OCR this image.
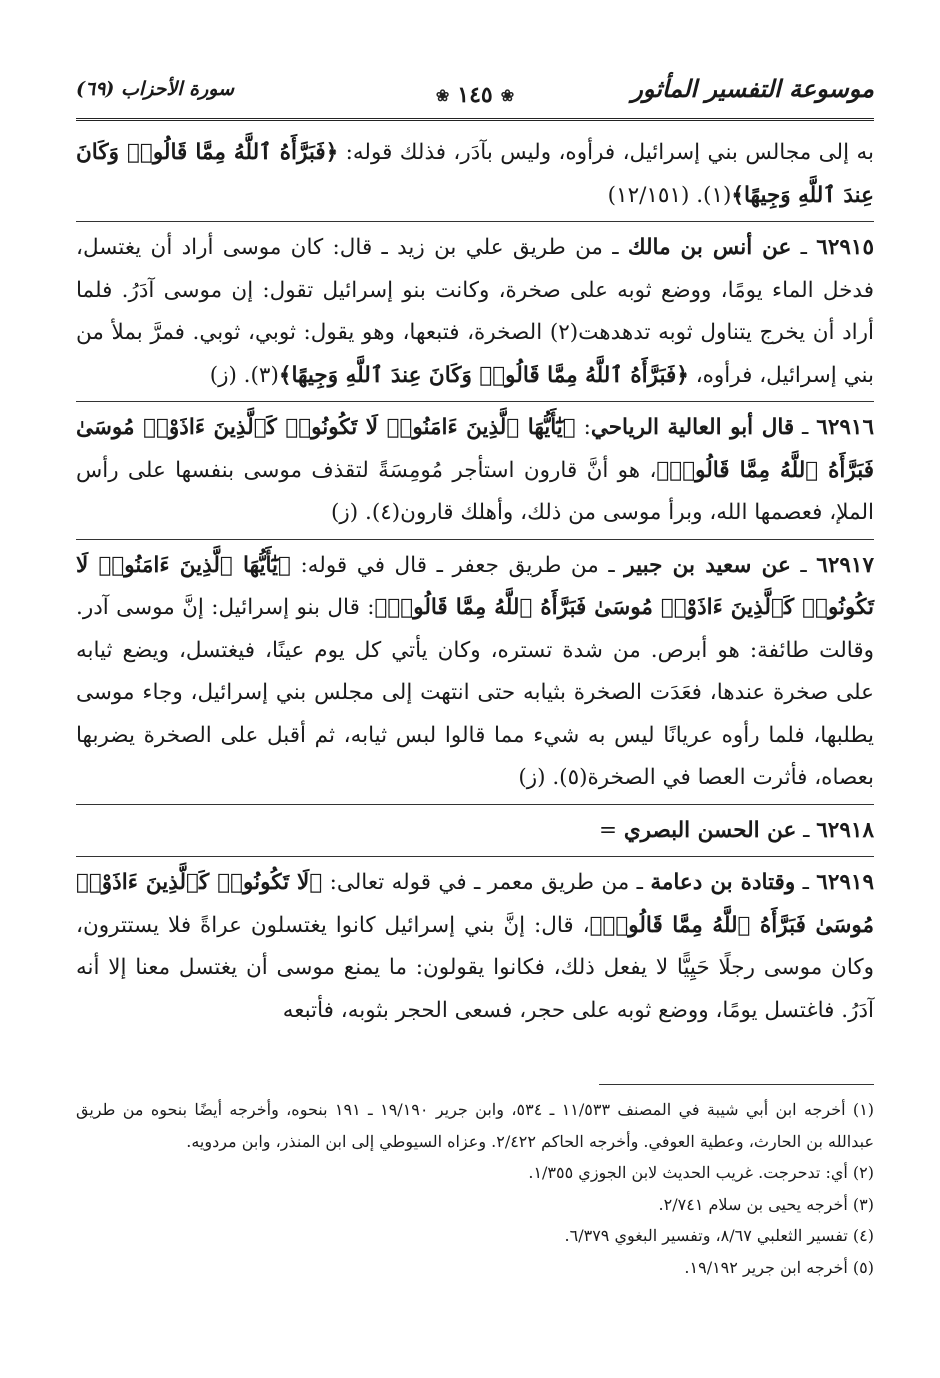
موسوعة التفسير المأثور
❀
١٤٥
❀
سورة الأحزاب (٦٩)

به إلى مجالس بني إسرائيل، فرأوه، وليس بآدَر، فذلك قوله: ﴿فَبَرَّأَهُ ٱللَّهُ مِمَّا قَالُوا۟ وَكَانَ عِندَ ٱللَّهِ وَجِيهًا﴾(١). (١٢/١٥١)

٦٢٩١٥ ـ عن أنس بن مالك ـ من طريق علي بن زيد ـ قال: كان موسى أراد أن يغتسل، فدخل الماء يومًا، ووضع ثوبه على صخرة، وكانت بنو إسرائيل تقول: إن موسى آدَرُ. فلما أراد أن يخرج يتناول ثوبه تدهدهت(٢) الصخرة، فتبعها، وهو يقول: ثوبي، ثوبي. فمرَّ بملأ من بني إسرائيل، فرأوه، ﴿فَبَرَّأَهُ ٱللَّهُ مِمَّا قَالُوا۟ وَكَانَ عِندَ ٱللَّهِ وَجِيهًا﴾(٣). (ز)

٦٢٩١٦ ـ قال أبو العالية الرياحي: ﴿يَٰٓأَيُّهَا ٱلَّذِينَ ءَامَنُوا۟ لَا تَكُونُوا۟ كَٱلَّذِينَ ءَاذَوْا۟ مُوسَىٰ فَبَرَّأَهُ ٱللَّهُ مِمَّا قَالُوا۟﴾، هو أنَّ قارون استأجر مُومِسَةً لتقذف موسى بنفسها على رأس الملإ، فعصمها الله، وبرأ موسى من ذلك، وأهلك قارون(٤). (ز)

٦٢٩١٧ ـ عن سعيد بن جبير ـ من طريق جعفر ـ قال في قوله: ﴿يَٰٓأَيُّهَا ٱلَّذِينَ ءَامَنُوا۟ لَا تَكُونُوا۟ كَٱلَّذِينَ ءَاذَوْا۟ مُوسَىٰ فَبَرَّأَهُ ٱللَّهُ مِمَّا قَالُوا۟﴾: قال بنو إسرائيل: إنَّ موسى آدر. وقالت طائفة: هو أبرص. من شدة تستره، وكان يأتي كل يوم عينًا، فيغتسل، ويضع ثيابه على صخرة عندها، فعَدَت الصخرة بثيابه حتى انتهت إلى مجلس بني إسرائيل، وجاء موسى يطلبها، فلما رأوه عريانًا ليس به شيء مما قالوا لبس ثيابه، ثم أقبل على الصخرة يضربها بعصاه، فأثرت العصا في الصخرة(٥). (ز)

٦٢٩١٨ ـ عن الحسن البصري =

٦٢٩١٩ ـ وقتادة بن دعامة ـ من طريق معمر ـ في قوله تعالى: ﴿لَا تَكُونُوا۟ كَٱلَّذِينَ ءَاذَوْا۟ مُوسَىٰ فَبَرَّأَهُ ٱللَّهُ مِمَّا قَالُوا۟﴾، قال: إنَّ بني إسرائيل كانوا يغتسلون عراةً فلا يستترون، وكان موسى رجلًا حَيِيًّا لا يفعل ذلك، فكانوا يقولون: ما يمنع موسى أن يغتسل معنا إلا أنه آدَرُ. فاغتسل يومًا، ووضع ثوبه على حجر، فسعى الحجر بثوبه، فأتبعه

(١) أخرجه ابن أبي شيبة في المصنف ١١/٥٣٣ ـ ٥٣٤، وابن جرير ١٩/١٩٠ ـ ١٩١ بنحوه، وأخرجه أيضًا بنحوه من طريق عبدالله بن الحارث، وعطية العوفي. وأخرجه الحاكم ٢/٤٢٢. وعزاه السيوطي إلى ابن المنذر، وابن مردويه.

(٢) أي: تدحرجت. غريب الحديث لابن الجوزي ١/٣٥٥.

(٣) أخرجه يحيى بن سلام ٢/٧٤١.

(٤) تفسير الثعلبي ٨/٦٧، وتفسير البغوي ٦/٣٧٩.

(٥) أخرجه ابن جرير ١٩/١٩٢.
